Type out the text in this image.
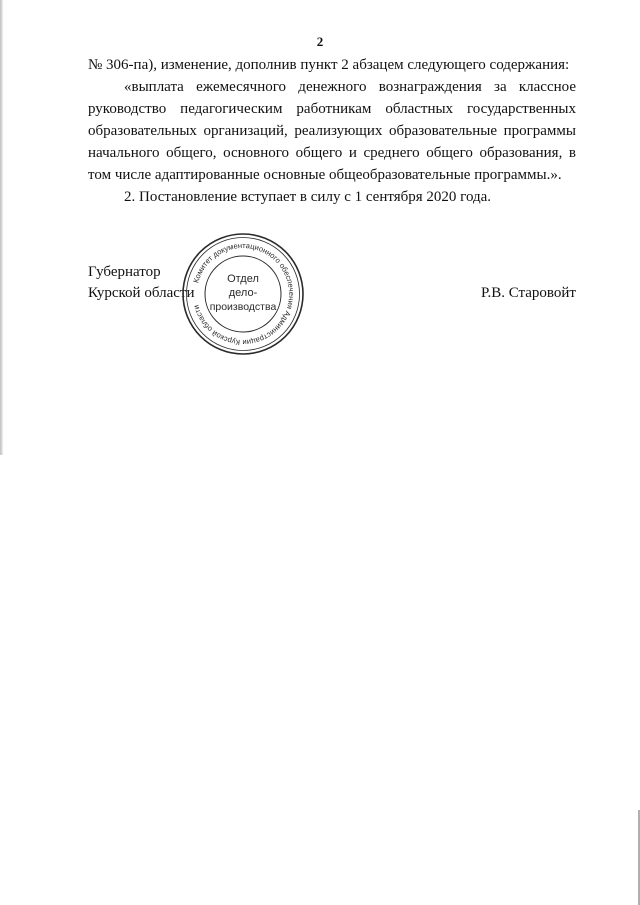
2

№ 306-па), изменение, дополнив пункт 2 абзацем следующего содержания:

«выплата ежемесячного денежного вознаграждения за классное руководство педагогическим работникам областных государственных образовательных организаций, реализующих образовательные программы начального общего, основного общего и среднего общего образования, в том числе адаптированные основные общеобразовательные программы.».

2. Постановление вступает в силу с 1 сентября 2020 года.

Губернатор
Курской области
Комитет документационного обеспечения Администрации Курской области
Отдел
дело-
производства
Р.В. Старовойт
